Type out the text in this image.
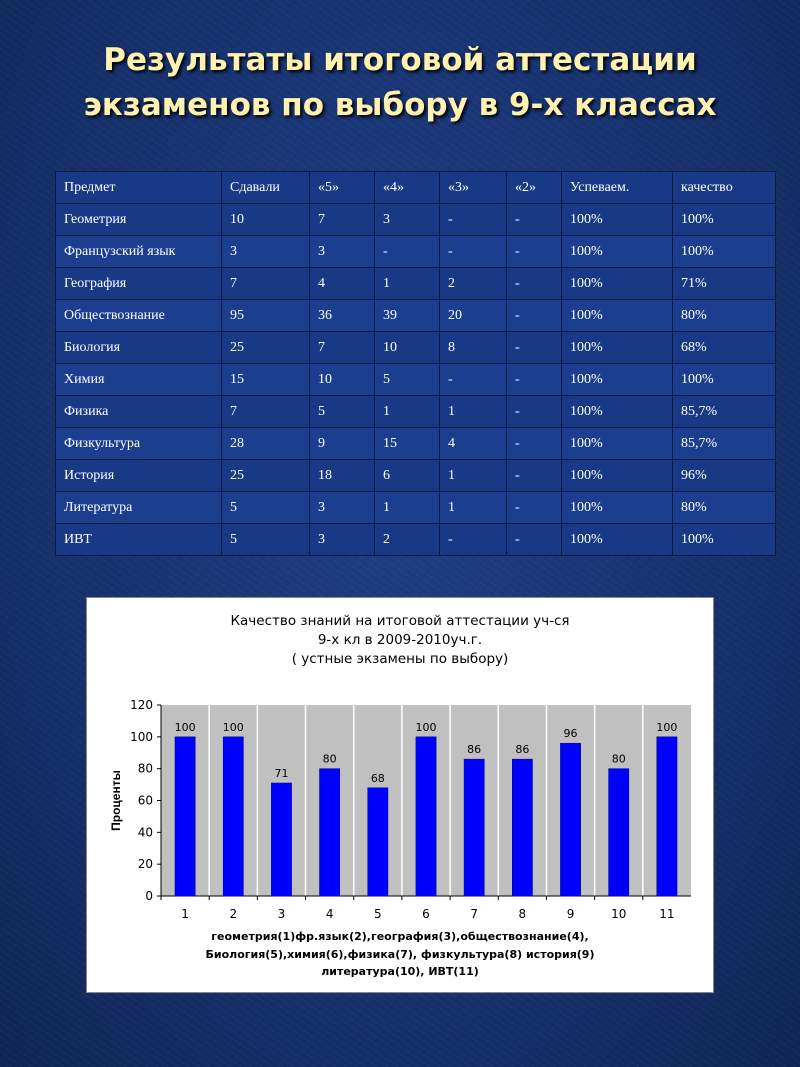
Результаты итоговой аттестации
экзаменов по выбору в 9-х классах
Предмет	Сдавали	«5»	«4»	«3»	«2»	Успеваем.	качество
Геометрия	10	7	3	-	-	100%	100%
Французский язык	3	3	-	-	-	100%	100%
География	7	4	1	2	-	100%	71%
Обществознание	95	36	39	20	-	100%	80%
Биология	25	7	10	8	-	100%	68%
Химия	15	10	5	-	-	100%	100%
Физика	7	5	1	1	-	100%	85,7%
Физкультура	28	9	15	4	-	100%	85,7%
История	25	18	6	1	-	100%	96%
Литература	5	3	1	1	-	100%	80%
ИВТ	5	3	2	-	-	100%	100%
Качество знаний на итоговой аттестации уч-ся
9-х кл в 2009-2010уч.г.
( устные экзамены по выбору)
0
20
40
60
80
100
120
100
1
100
2
71
3
80
4
68
5
100
6
86
7
86
8
96
9
80
10
100
11
Проценты
геометрия(1)фр.язык(2),география(3),обществознание(4),
Биология(5),химия(6),физика(7), физкультура(8) история(9)
литература(10), ИВТ(11)
